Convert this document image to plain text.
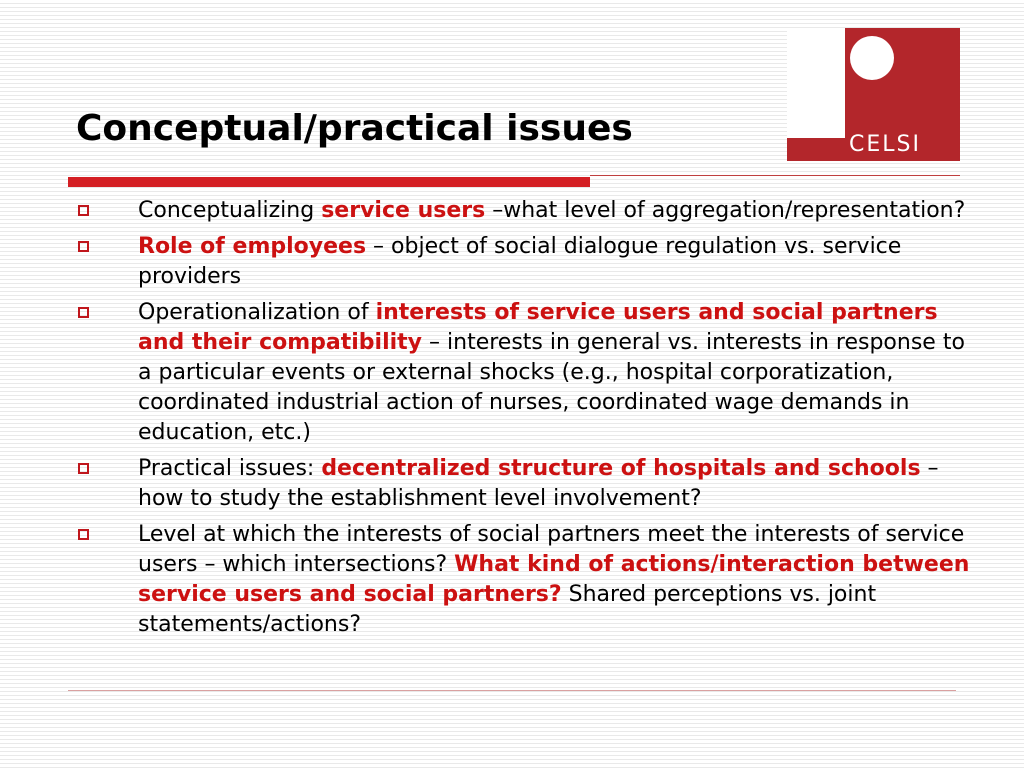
Conceptual/practical issues	CELSI
Conceptualizing service users –what level of aggregation/representation?
Role of employees – object of social dialogue regulation vs. service providers
Operationalization of interests of service users and social partners and their compatibility – interests in general vs. interests in response to a particular events or external shocks (e.g., hospital corporatization, coordinated industrial action of nurses, coordinated wage demands in education, etc.)
Practical issues: decentralized structure of hospitals and schools – how to study the establishment level involvement?
Level at which the interests of social partners meet the interests of service users – which intersections? What kind of actions/interaction between service users and social partners? Shared perceptions vs. joint statements/actions?
